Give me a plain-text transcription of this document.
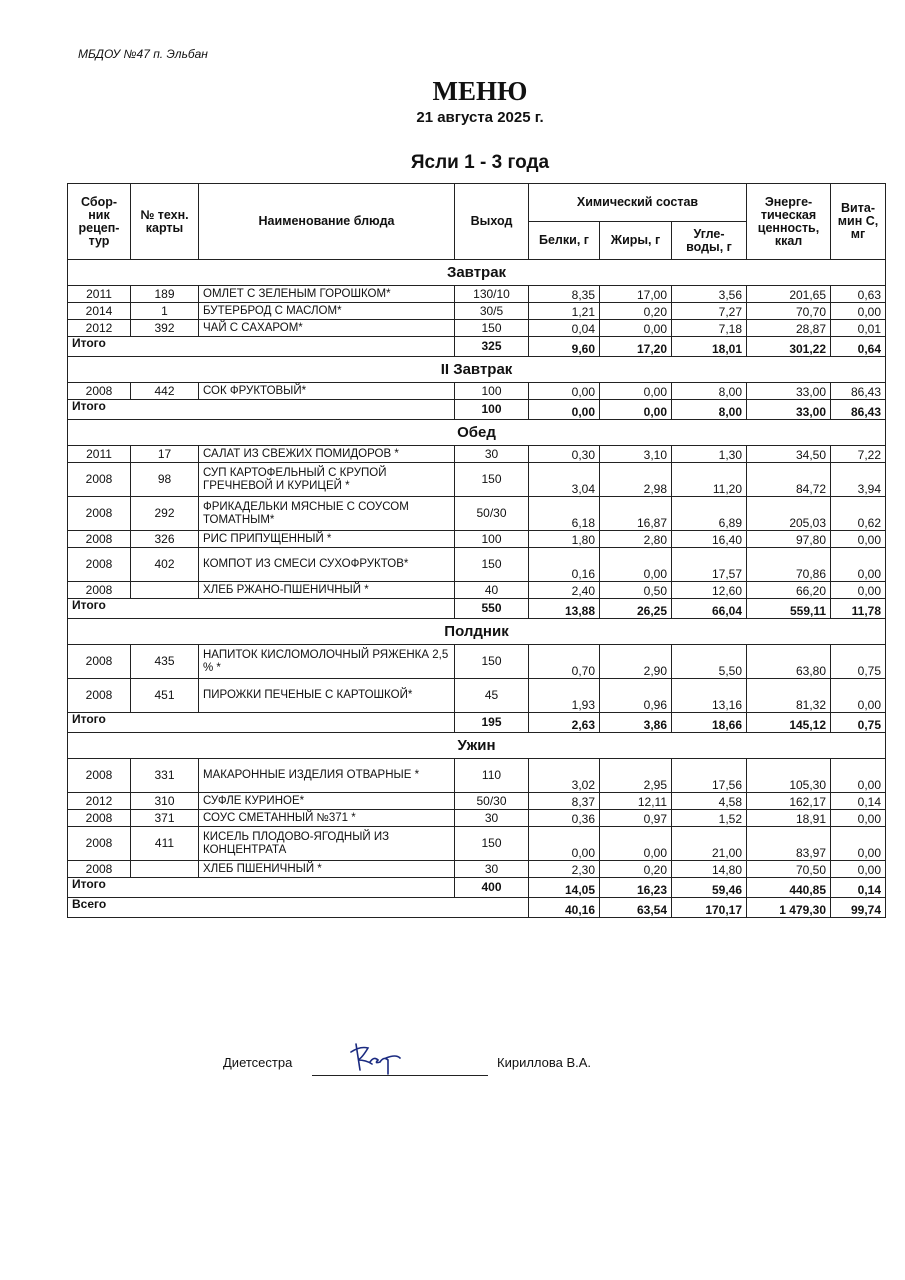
МБДОУ №47 п. Эльбан
МЕНЮ
21 августа 2025 г.
Ясли 1 - 3 года
Сбор-ник рецеп-тур	№ техн. карты	Наименование блюда	Выход	Химический состав			Энерге-тическая ценность, ккал	Вита-мин С, мг
				Белки, г	Жиры, г	Угле-воды, г		
Завтрак								
2011	189	ОМЛЕТ С ЗЕЛЕНЫМ ГОРОШКОМ*	130/10	8,35	17,00	3,56	201,65	0,63
2014	1	БУТЕРБРОД С МАСЛОМ*	30/5	1,21	0,20	7,27	70,70	0,00
2012	392	ЧАЙ С САХАРОМ*	150	0,04	0,00	7,18	28,87	0,01
Итого			325	9,60	17,20	18,01	301,22	0,64
II Завтрак								
2008	442	СОК ФРУКТОВЫЙ*	100	0,00	0,00	8,00	33,00	86,43
Итого			100	0,00	0,00	8,00	33,00	86,43
Обед								
2011	17	САЛАТ ИЗ СВЕЖИХ ПОМИДОРОВ *	30	0,30	3,10	1,30	34,50	7,22
2008	98	СУП КАРТОФЕЛЬНЫЙ С КРУПОЙ ГРЕЧНЕВОЙ И КУРИЦЕЙ *	150	3,04	2,98	11,20	84,72	3,94
2008	292	ФРИКАДЕЛЬКИ МЯСНЫЕ С СОУСОМ ТОМАТНЫМ*	50/30	6,18	16,87	6,89	205,03	0,62
2008	326	РИС ПРИПУЩЕННЫЙ *	100	1,80	2,80	16,40	97,80	0,00
2008	402	КОМПОТ ИЗ СМЕСИ СУХОФРУКТОВ*	150	0,16	0,00	17,57	70,86	0,00
2008		ХЛЕБ РЖАНО-ПШЕНИЧНЫЙ *	40	2,40	0,50	12,60	66,20	0,00
Итого			550	13,88	26,25	66,04	559,11	11,78
Полдник								
2008	435	НАПИТОК КИСЛОМОЛОЧНЫЙ РЯЖЕНКА 2,5 % *	150	0,70	2,90	5,50	63,80	0,75
2008	451	ПИРОЖКИ ПЕЧЕНЫЕ С КАРТОШКОЙ*	45	1,93	0,96	13,16	81,32	0,00
Итого			195	2,63	3,86	18,66	145,12	0,75
Ужин								
2008	331	МАКАРОННЫЕ ИЗДЕЛИЯ ОТВАРНЫЕ *	110	3,02	2,95	17,56	105,30	0,00
2012	310	СУФЛЕ КУРИНОЕ*	50/30	8,37	12,11	4,58	162,17	0,14
2008	371	СОУС СМЕТАННЫЙ №371 *	30	0,36	0,97	1,52	18,91	0,00
2008	411	КИСЕЛЬ ПЛОДОВО-ЯГОДНЫЙ ИЗ КОНЦЕНТРАТА	150	0,00	0,00	21,00	83,97	0,00
2008		ХЛЕБ ПШЕНИЧНЫЙ *	30	2,30	0,20	14,80	70,50	0,00
Итого			400	14,05	16,23	59,46	440,85	0,14
Всего				40,16	63,54	170,17	1 479,30	99,74
Диетсестра	Кириллова В.А.
